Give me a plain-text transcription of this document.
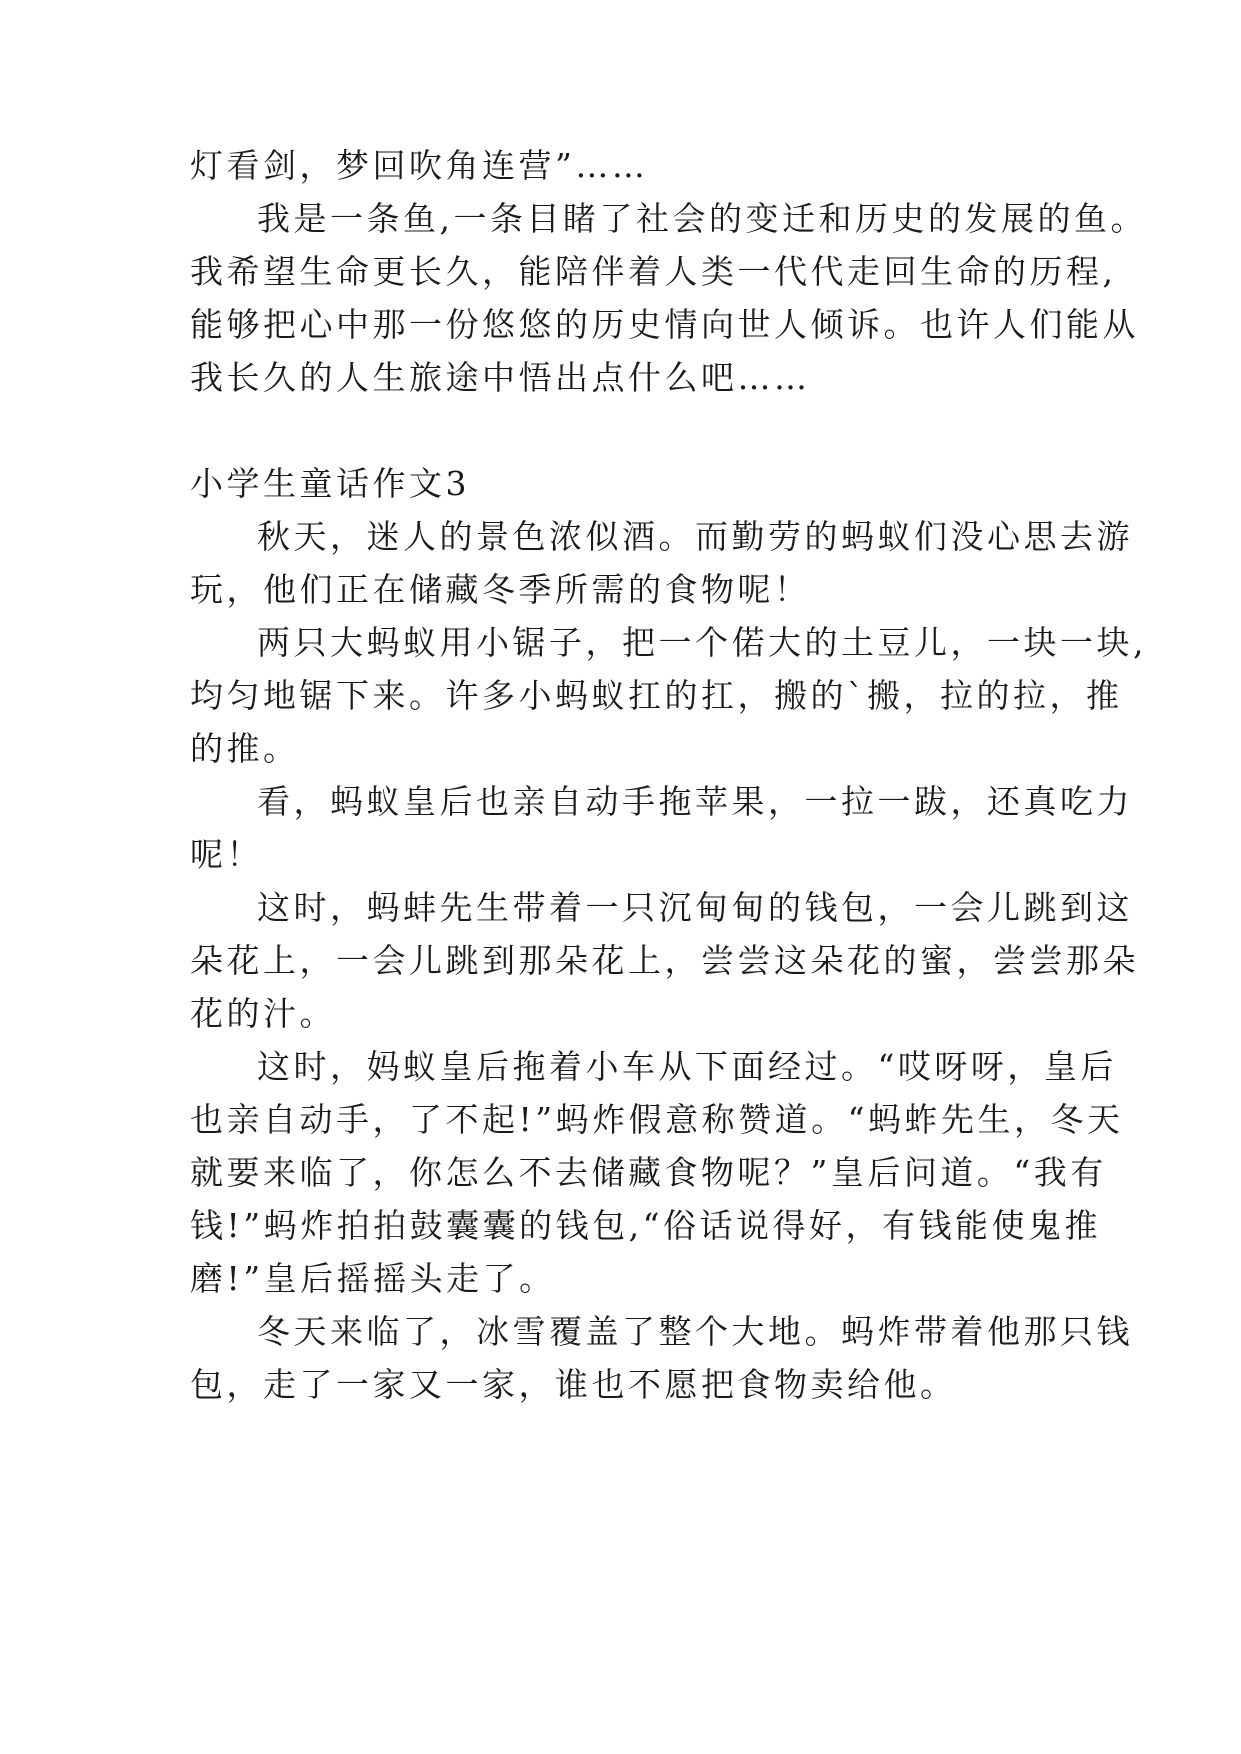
灯看剑，梦回吹角连营”……
我是一条鱼,一条目睹了社会的变迁和历史的发展的鱼。
我希望生命更长久，能陪伴着人类一代代走回生命的历程,
能够把心中那一份悠悠的历史情向世人倾诉。也许人们能从
我长久的人生旅途中悟出点什么吧……
小学生童话作文3
秋天，迷人的景色浓似酒。而勤劳的蚂蚁们没心思去游
玩，他们正在储藏冬季所需的食物呢！
两只大蚂蚁用小锯子，把一个偌大的土豆儿，一块一块,
均匀地锯下来。许多小蚂蚁扛的扛，搬的`搬，拉的拉，推
的推。
看，蚂蚁皇后也亲自动手拖苹果，一拉一跋，还真吃力
呢！
这时，蚂蚌先生带着一只沉甸甸的钱包，一会儿跳到这
朵花上，一会儿跳到那朵花上，尝尝这朵花的蜜，尝尝那朵
花的汁。
这时，妈蚁皇后拖着小车从下面经过。“哎呀呀，皇后
也亲自动手，了不起!”蚂炸假意称赞道。“蚂蚱先生，冬天
就要来临了，你怎么不去储藏食物呢？”皇后问道。“我有
钱!”蚂炸拍拍鼓囊囊的钱包,“俗话说得好，有钱能使鬼推
磨!”皇后摇摇头走了。
冬天来临了，冰雪覆盖了整个大地。蚂炸带着他那只钱
包，走了一家又一家，谁也不愿把食物卖给他。
